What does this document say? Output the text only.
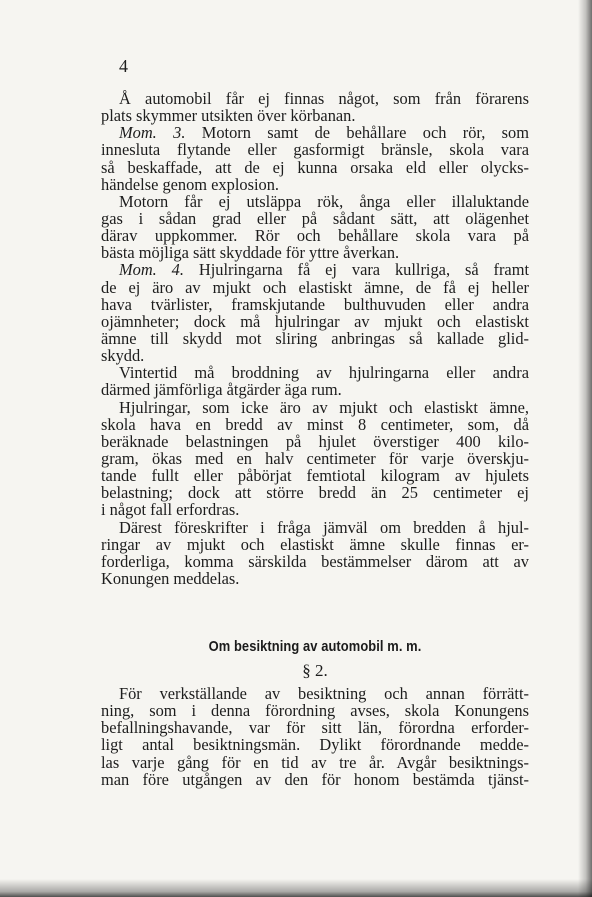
4
Å automobil får ej finnas något, som från förarens
plats skymmer utsikten över körbanan.
Mom. 3. Motorn samt de behållare och rör, som
innesluta flytande eller gasformigt bränsle, skola vara
så beskaffade, att de ej kunna orsaka eld eller olycks-
händelse genom explosion.
Motorn får ej utsläppa rök, ånga eller illaluktande
gas i sådan grad eller på sådant sätt, att olägenhet
därav uppkommer. Rör och behållare skola vara på
bästa möjliga sätt skyddade för yttre åverkan.
Mom. 4. Hjulringarna få ej vara kullriga, så framt
de ej äro av mjukt och elastiskt ämne, de få ej heller
hava tvärlister, framskjutande bulthuvuden eller andra
ojämnheter; dock må hjulringar av mjukt och elastiskt
ämne till skydd mot sliring anbringas så kallade glid-
skydd.
Vintertid må broddning av hjulringarna eller andra
därmed jämförliga åtgärder äga rum.
Hjulringar, som icke äro av mjukt och elastiskt ämne,
skola hava en bredd av minst 8 centimeter, som, då
beräknade belastningen på hjulet överstiger 400 kilo-
gram, ökas med en halv centimeter för varje överskju-
tande fullt eller påbörjat femtiotal kilogram av hjulets
belastning; dock att större bredd än 25 centimeter ej
i något fall erfordras.
Därest föreskrifter i fråga jämväl om bredden å hjul-
ringar av mjukt och elastiskt ämne skulle finnas er-
forderliga, komma särskilda bestämmelser därom att av
Konungen meddelas.
Om besiktning av automobil m. m.
§ 2.
För verkställande av besiktning och annan förrätt-
ning, som i denna förordning avses, skola Konungens
befallningshavande, var för sitt län, förordna erforder-
ligt antal besiktningsmän. Dylikt förordnande medde-
las varje gång för en tid av tre år. Avgår besiktnings-
man före utgången av den för honom bestämda tjänst-
